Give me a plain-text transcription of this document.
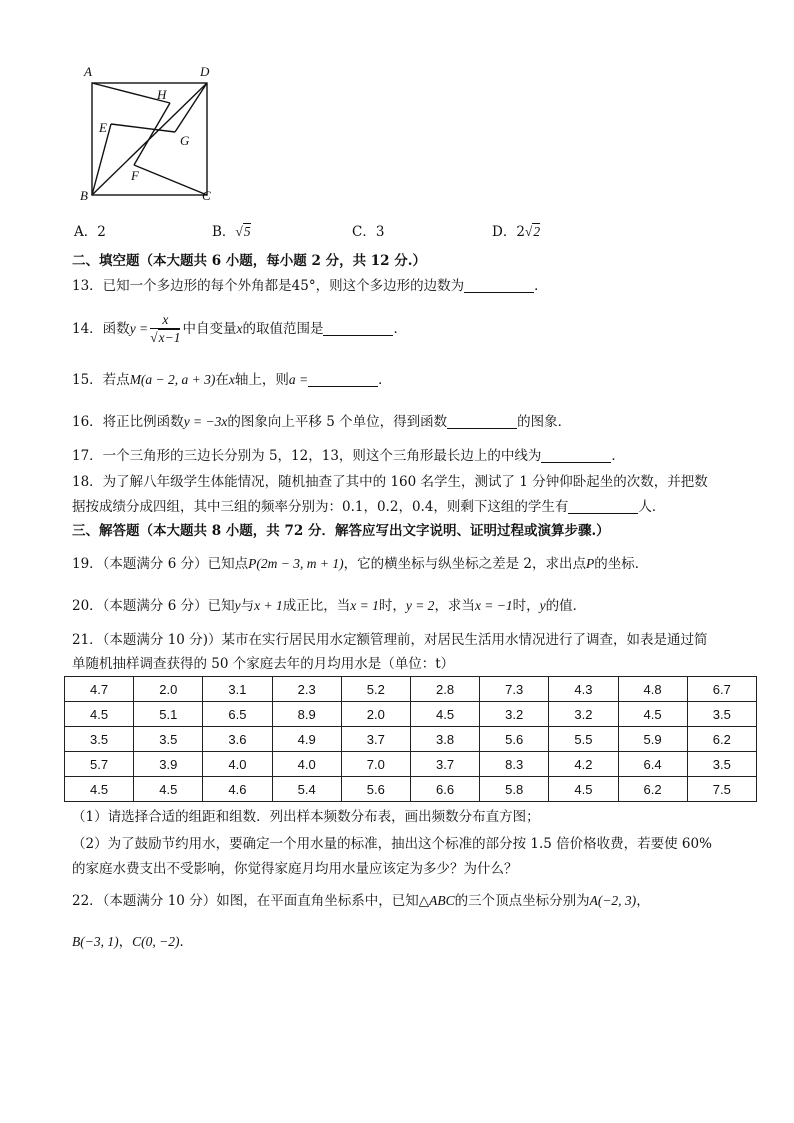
A	D
H
E
G
F
B	C
A．2	B．√5	C．3	D．2√2
二、填空题（本大题共 6 小题，每小题 2 分，共 12 分.）
13．已知一个多边形的每个外角都是45°，则这个多边形的边数为	．
14．函数$y = \frac{x}{√x-1}$ 中自变量x的取值范围是	．
15．若点M(a − 2, a + 3)在x轴上，则a =	．
16．将正比例函数y = −3x的图象向上平移 5 个单位，得到函数	的图象．
17．一个三角形的三边长分别为 5，12，13，则这个三角形最长边上的中线为	．
18．为了解八年级学生体能情况，随机抽查了其中的 160 名学生，测试了 1 分钟仰卧起坐的次数，并把数
据按成绩分成四组，其中三组的频率分别为：0.1，0.2，0.4，则剩下这组的学生有	人．
三、解答题（本大题共 8 小题，共 72 分．解答应写出文字说明、证明过程或演算步骤.）
19．（本题满分 6 分）已知点P(2m − 3, m + 1)，它的横坐标与纵坐标之差是 2，求出点P的坐标．
20．（本题满分 6 分）已知y与x + 1成正比，当x = 1时，y = 2，求当x = −1时，y的值．
21．（本题满分 10 分)）某市在实行居民用水定额管理前，对居民生活用水情况进行了调查，如表是通过简
单随机抽样调查获得的 50 个家庭去年的月均用水是（单位：t）
4.7	2.0	3.1	2.3	5.2	2.8	7.3	4.3	4.8	6.7
4.5	5.1	6.5	8.9	2.0	4.5	3.2	3.2	4.5	3.5
3.5	3.5	3.6	4.9	3.7	3.8	5.6	5.5	5.9	6.2
5.7	3.9	4.0	4.0	7.0	3.7	8.3	4.2	6.4	3.5
4.5	4.5	4.6	5.4	5.6	6.6	5.8	4.5	6.2	7.5
（1）请选择合适的组距和组数．列出样本频数分布表，画出频数分布直方图；
（2）为了鼓励节约用水，要确定一个用水量的标准，抽出这个标准的部分按 1.5 倍价格收费，若要使 60%
的家庭水费支出不受影响，你觉得家庭月均用水量应该定为多少？为什么？
22．（本题满分 10 分）如图，在平面直角坐标系中，已知△ABC的三个顶点坐标分别为A(−2, 3)，
B(−3, 1)，C(0, −2)．
